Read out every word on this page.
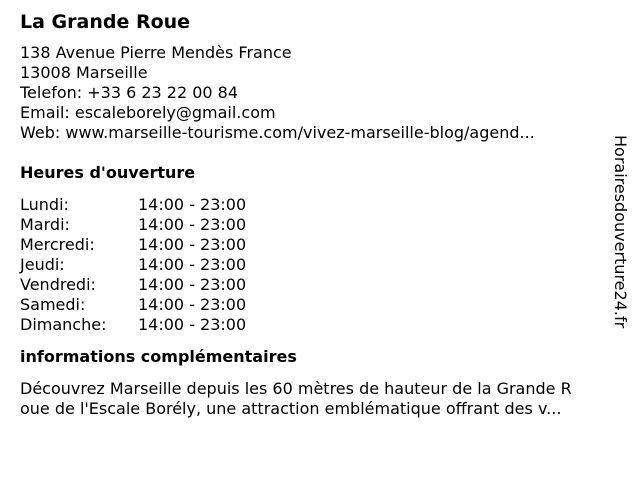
La Grande Roue
138 Avenue Pierre Mendès France
13008 Marseille
Telefon: +33 6 23 22 00 84
Email: escaleborely@gmail.com
Web: www.marseille-tourisme.com/vivez-marseille-blog/agend...
Heures d'ouverture
Lundi:	14:00 - 23:00
Mardi:	14:00 - 23:00
Mercredi:	14:00 - 23:00
Jeudi:	14:00 - 23:00
Vendredi:	14:00 - 23:00
Samedi:	14:00 - 23:00
Dimanche: 14:00 - 23:00
informations complémentaires
Découvrez Marseille depuis les 60 mètres de hauteur de la Grande R
oue de l'Escale Borély, une attraction emblématique offrant des v...
Horairesdouverture24.fr
